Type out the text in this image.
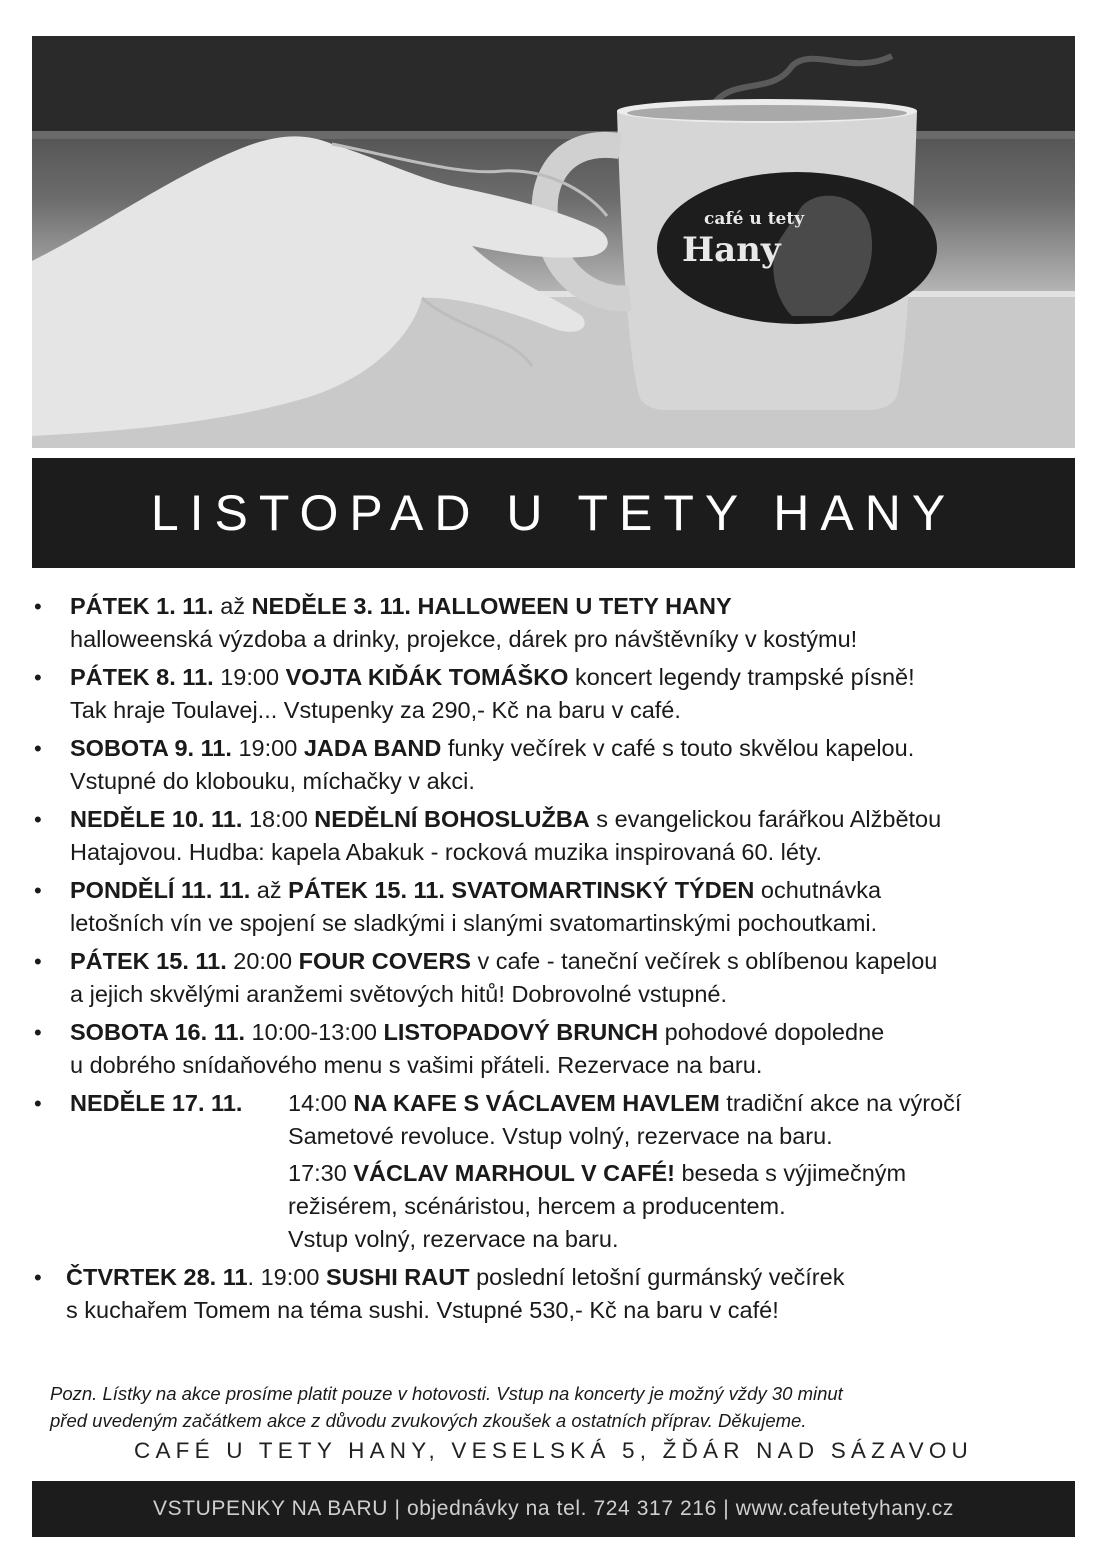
café u tety
Hany
LISTOPAD U TETY HANY
• PÁTEK 1. 11. až NEDĚLE 3. 11. HALLOWEEN U TETY HANY
halloweenská výzdoba a drinky, projekce, dárek pro návštěvníky v kostýmu!
• PÁTEK 8. 11. 19:00 VOJTA KIĎÁK TOMÁŠKO koncert legendy trampské písně!
Tak hraje Toulavej... Vstupenky za 290,- Kč na baru v café.
• SOBOTA 9. 11. 19:00 JADA BAND funky večírek v café s touto skvělou kapelou.
Vstupné do klobouku, míchačky v akci.
• NEDĚLE 10. 11. 18:00 NEDĚLNÍ BOHOSLUŽBA s evangelickou farářkou Alžbětou
Hatajovou. Hudba: kapela Abakuk - rocková muzika inspirovaná 60. léty.
• PONDĚLÍ 11. 11. až PÁTEK 15. 11. SVATOMARTINSKÝ TÝDEN ochutnávka
letošních vín ve spojení se sladkými i slanými svatomartinskými pochoutkami.
• PÁTEK 15. 11. 20:00 FOUR COVERS v cafe - taneční večírek s oblíbenou kapelou
a jejich skvělými aranžemi světových hitů! Dobrovolné vstupné.
• SOBOTA 16. 11. 10:00-13:00 LISTOPADOVÝ BRUNCH pohodové dopoledne
u dobrého snídaňového menu s vašimi přáteli. Rezervace na baru.
• NEDĚLE 17. 11. 14:00 NA KAFE S VÁCLAVEM HAVLEM tradiční akce na výročí
Sametové revoluce. Vstup volný, rezervace na baru.
17:30 VÁCLAV MARHOUL V CAFÉ! beseda s výjimečným
režisérem, scénáristou, hercem a producentem.
Vstup volný, rezervace na baru.
• ČTVRTEK 28. 11. 19:00 SUSHI RAUT poslední letošní gurmánský večírek
s kuchařem Tomem na téma sushi. Vstupné 530,- Kč na baru v café!
Pozn. Lístky na akce prosíme platit pouze v hotovosti. Vstup na koncerty je možný vždy 30 minut
před uvedeným začátkem akce z důvodu zvukových zkoušek a ostatních příprav. Děkujeme.
CAFÉ U TETY HANY, VESELSKÁ 5, ŽĎÁR NAD SÁZAVOU
VSTUPENKY NA BARU | objednávky na tel. 724 317 216 | www.cafeutetyhany.cz
